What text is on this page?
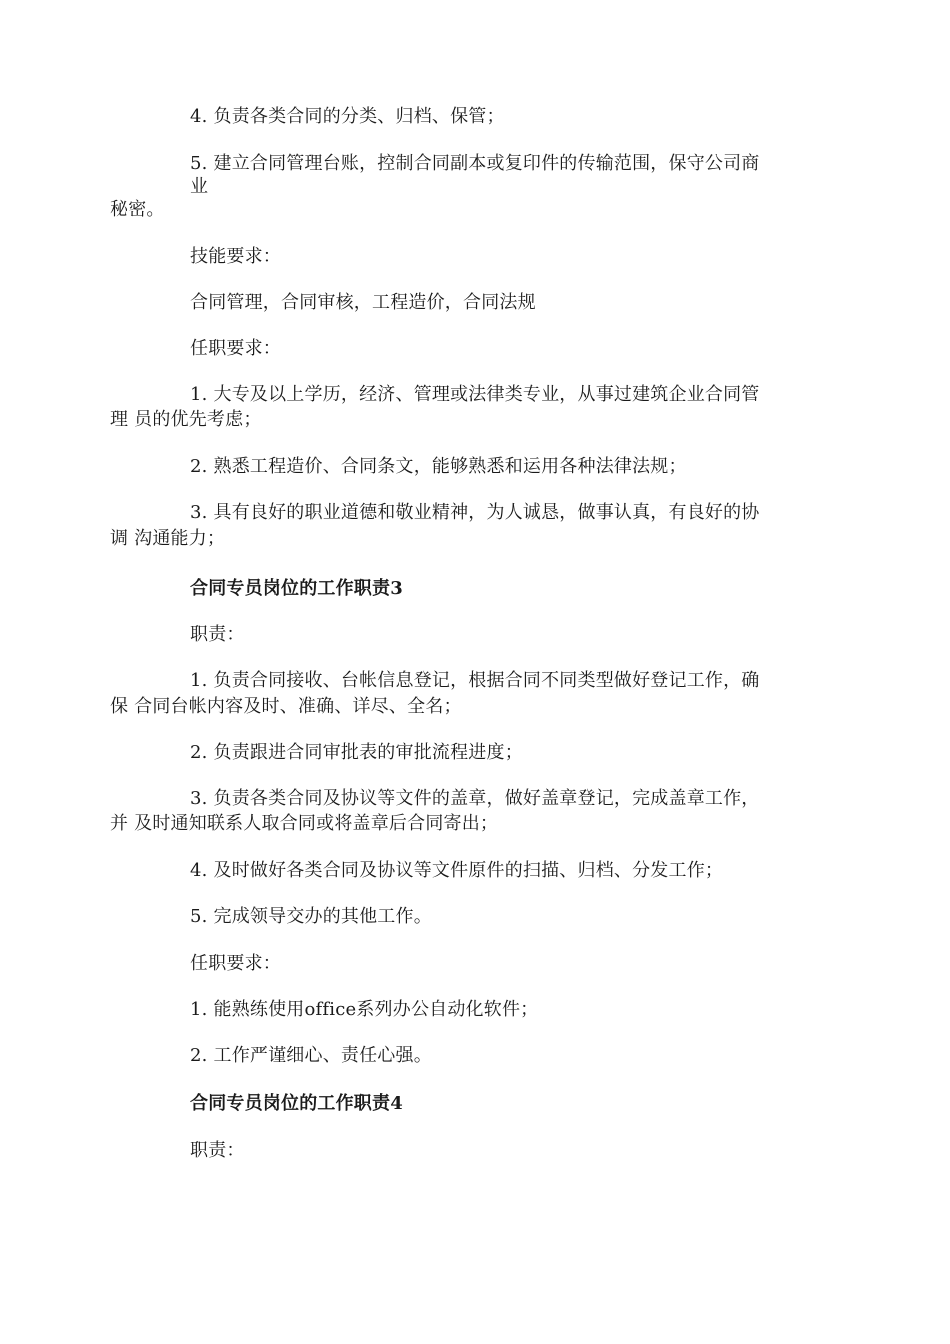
4. 负责各类合同的分类、归档、保管；
5. 建立合同管理台账，控制合同副本或复印件的传输范围，保守公司商
业
秘密。
技能要求：
合同管理，合同审核，工程造价，合同法规
任职要求：
1. 大专及以上学历，经济、管理或法律类专业，从事过建筑企业合同管
理 员的优先考虑；
2. 熟悉工程造价、合同条文，能够熟悉和运用各种法律法规；
3. 具有良好的职业道德和敬业精神，为人诚恳，做事认真，有良好的协
调 沟通能力；
合同专员岗位的工作职责3
职责：
1. 负责合同接收、台帐信息登记，根据合同不同类型做好登记工作，确
保 合同台帐内容及时、准确、详尽、全名；
2. 负责跟进合同审批表的审批流程进度；
3. 负责各类合同及协议等文件的盖章，做好盖章登记，完成盖章工作，
并 及时通知联系人取合同或将盖章后合同寄出；
4. 及时做好各类合同及协议等文件原件的扫描、归档、分发工作；
5. 完成领导交办的其他工作。
任职要求：
1. 能熟练使用office系列办公自动化软件；
2. 工作严谨细心、责任心强。
合同专员岗位的工作职责4
职责：
